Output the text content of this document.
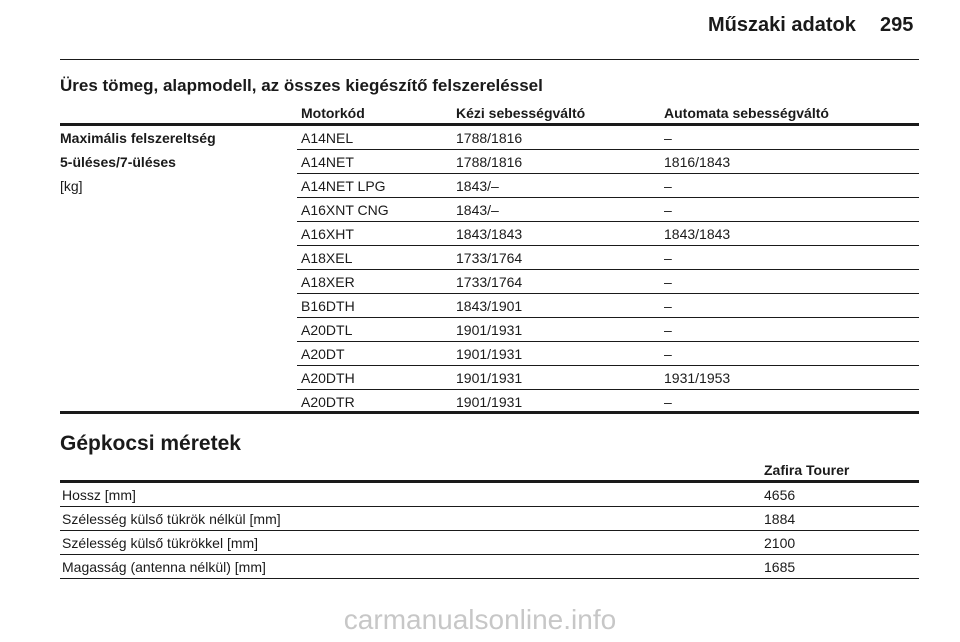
Műszaki adatok 295
Üres tömeg, alapmodell, az összes kiegészítő felszereléssel
Motorkód	Kézi sebességváltó	Automata sebességváltó
Maximális felszereltség
5-üléses/7-üléses
[kg]
A14NEL	1788/1816	–
A14NET	1788/1816	1816/1843
A14NET LPG	1843/–	–
A16XNT CNG	1843/–	–
A16XHT	1843/1843	1843/1843
A18XEL	1733/1764	–
A18XER	1733/1764	–
B16DTH	1843/1901	–
A20DTL	1901/1931	–
A20DT	1901/1931	–
A20DTH	1901/1931	1931/1953
A20DTR	1901/1931	–
Gépkocsi méretek
Zafira Tourer
Hossz [mm]	4656
Szélesség külső tükrök nélkül [mm]	1884
Szélesség külső tükrökkel [mm]	2100
Magasság (antenna nélkül) [mm]	1685
carmanualsonline.info
